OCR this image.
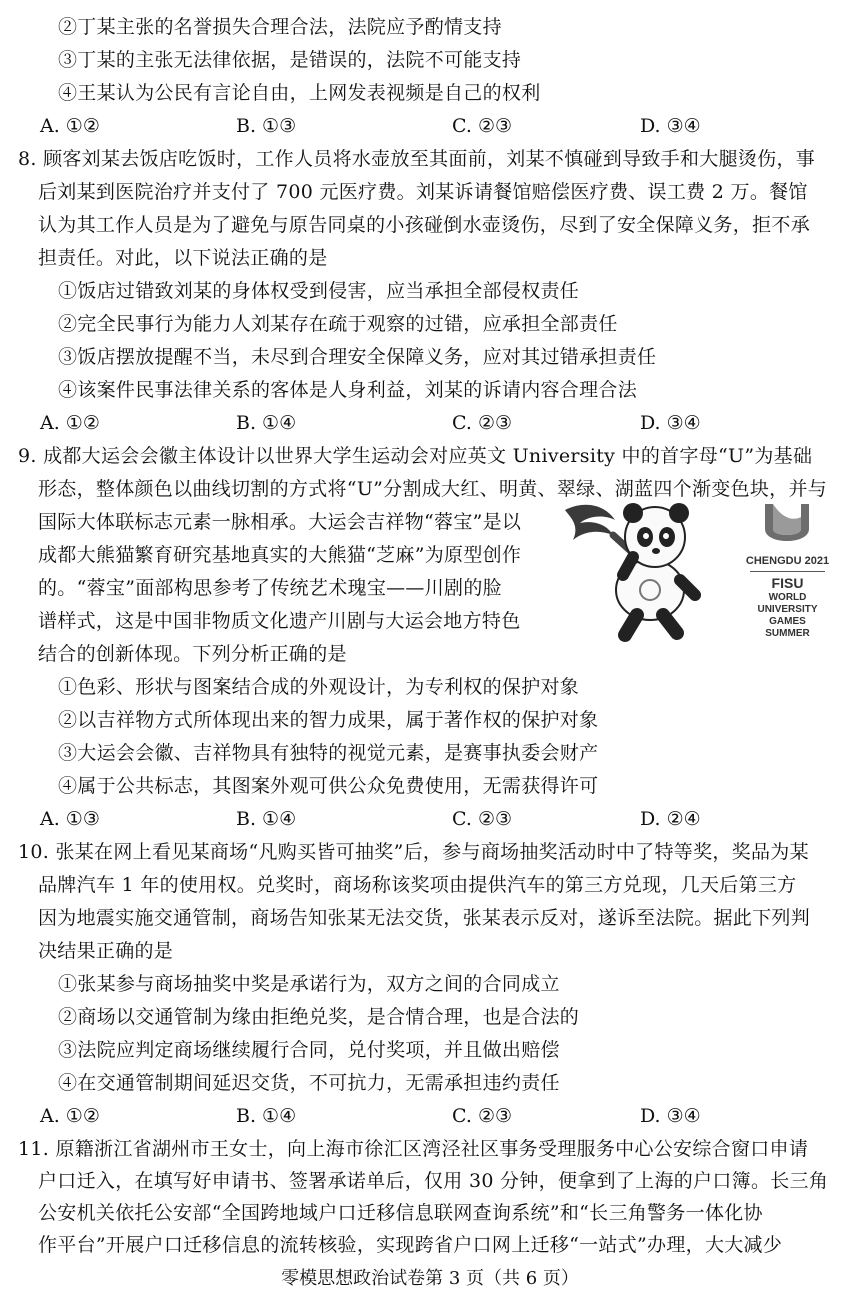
②丁某主张的名誉损失合理合法，法院应予酌情支持
③丁某的主张无法律依据，是错误的，法院不可能支持
④王某认为公民有言论自由，上网发表视频是自己的权利
A. ①②	B. ①③	C. ②③	D. ③④
8. 顾客刘某去饭店吃饭时，工作人员将水壶放至其面前，刘某不慎碰到导致手和大腿烫伤，事
后刘某到医院治疗并支付了 700 元医疗费。刘某诉请餐馆赔偿医疗费、误工费 2 万。餐馆
认为其工作人员是为了避免与原告同桌的小孩碰倒水壶烫伤，尽到了安全保障义务，拒不承
担责任。对此，以下说法正确的是
①饭店过错致刘某的身体权受到侵害，应当承担全部侵权责任
②完全民事行为能力人刘某存在疏于观察的过错，应承担全部责任
③饭店摆放提醒不当，未尽到合理安全保障义务，应对其过错承担责任
④该案件民事法律关系的客体是人身利益，刘某的诉请内容合理合法
A. ①②	B. ①④	C. ②③	D. ③④
9. 成都大运会会徽主体设计以世界大学生运动会对应英文 University 中的首字母“U”为基础
形态，整体颜色以曲线切割的方式将“U”分割成大红、明黄、翠绿、湖蓝四个渐变色块，并与
国际大体联标志元素一脉相承。大运会吉祥物“蓉宝”是以
成都大熊猫繁育研究基地真实的大熊猫“芝麻”为原型创作
的。“蓉宝”面部构思参考了传统艺术瑰宝——川剧的脸
谱样式，这是中国非物质文化遗产川剧与大运会地方特色
结合的创新体现。下列分析正确的是
①色彩、形状与图案结合成的外观设计，为专利权的保护对象
②以吉祥物方式所体现出来的智力成果，属于著作权的保护对象
③大运会会徽、吉祥物具有独特的视觉元素，是赛事执委会财产
④属于公共标志，其图案外观可供公众免费使用，无需获得许可
A. ①③	B. ①④	C. ②③	D. ②④
CHENGDU 2021
FISU
WORLD
UNIVERSITY
GAMES
SUMMER
10. 张某在网上看见某商场“凡购买皆可抽奖”后，参与商场抽奖活动时中了特等奖，奖品为某
品牌汽车 1 年的使用权。兑奖时，商场称该奖项由提供汽车的第三方兑现，几天后第三方
因为地震实施交通管制，商场告知张某无法交货，张某表示反对，遂诉至法院。据此下列判
决结果正确的是
①张某参与商场抽奖中奖是承诺行为，双方之间的合同成立
②商场以交通管制为缘由拒绝兑奖，是合情合理，也是合法的
③法院应判定商场继续履行合同，兑付奖项，并且做出赔偿
④在交通管制期间延迟交货，不可抗力，无需承担违约责任
A. ①②	B. ①④	C. ②③	D. ③④
11. 原籍浙江省湖州市王女士，向上海市徐汇区湾泾社区事务受理服务中心公安综合窗口申请
户口迁入，在填写好申请书、签署承诺单后，仅用 30 分钟，便拿到了上海的户口簿。长三角
公安机关依托公安部“全国跨地域户口迁移信息联网查询系统”和“长三角警务一体化协
作平台”开展户口迁移信息的流转核验，实现跨省户口网上迁移“一站式”办理，大大减少
零模思想政治试卷第 3 页（共 6 页）
